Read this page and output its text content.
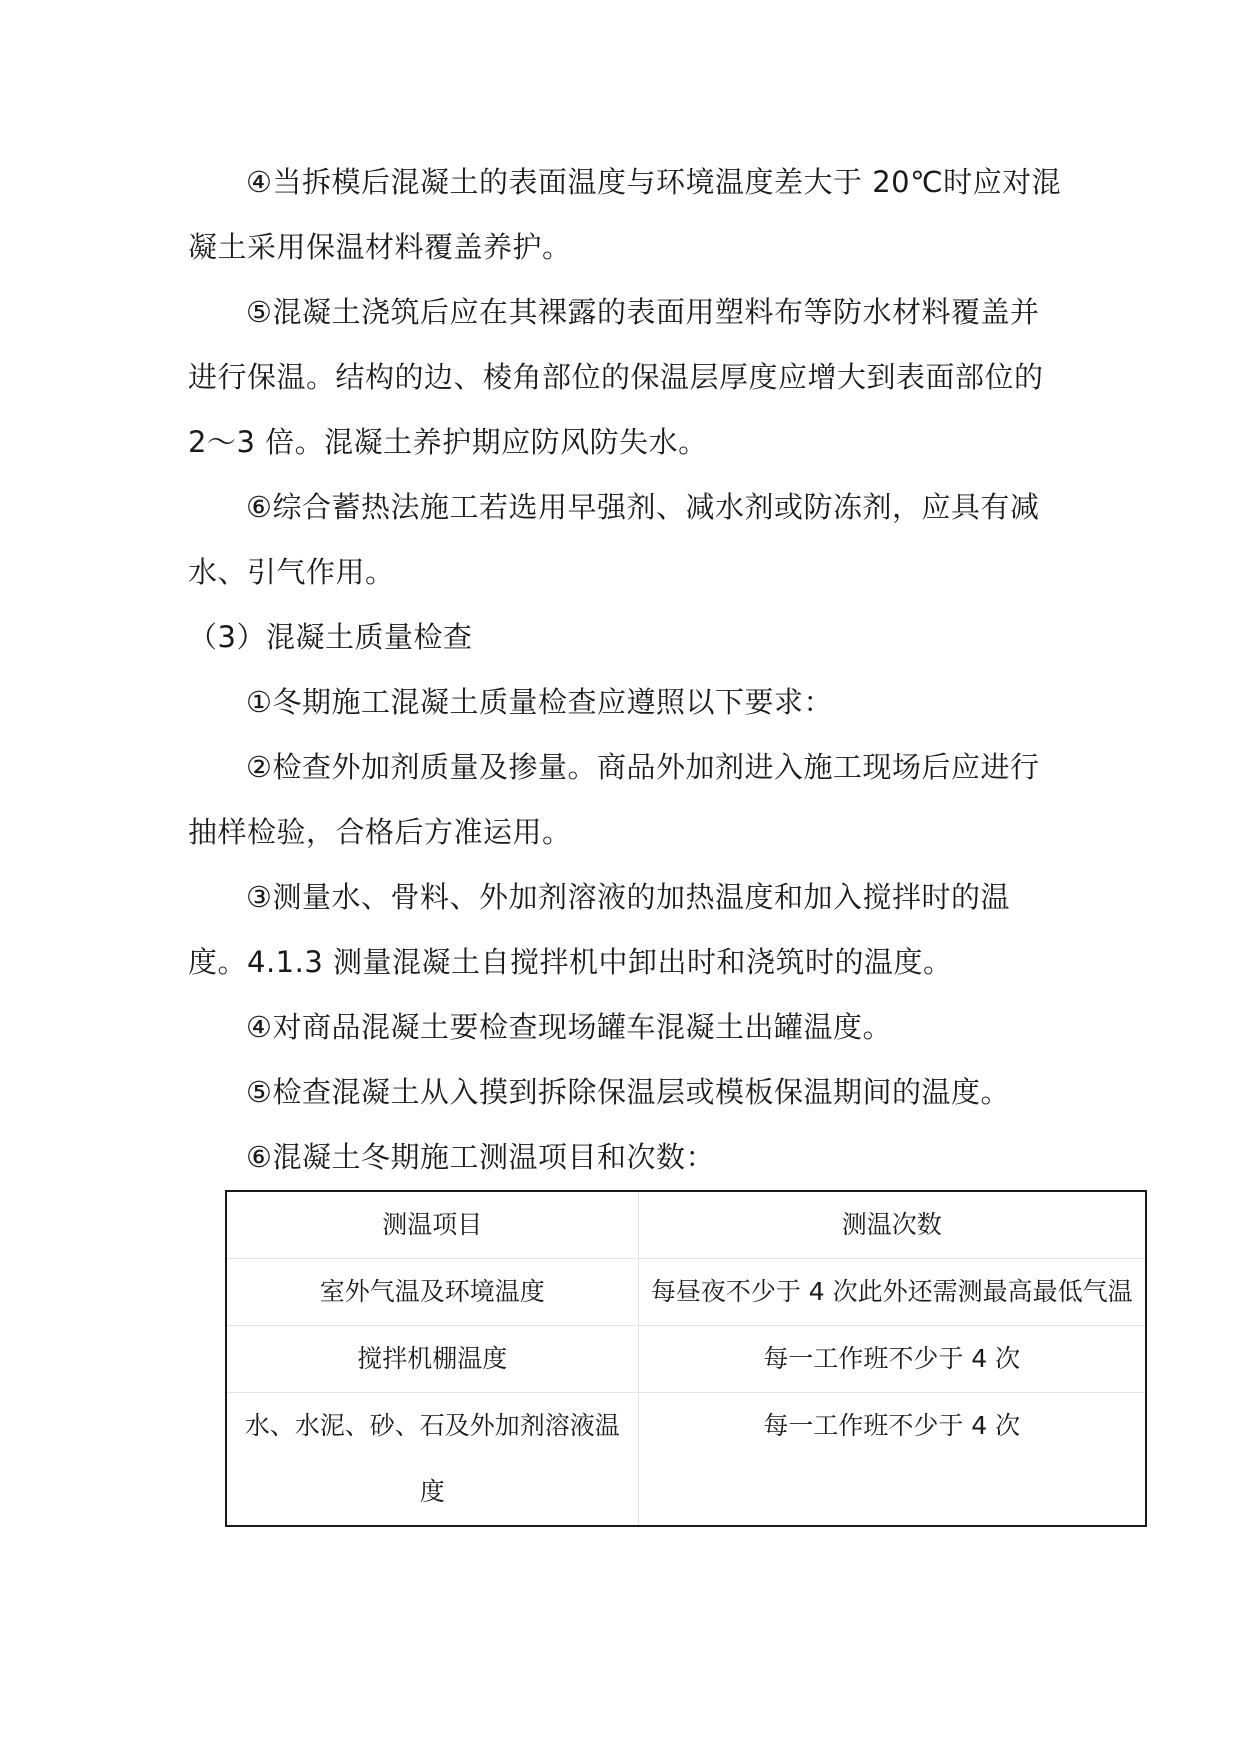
④当拆模后混凝土的表面温度与环境温度差大于 20℃时应对混凝土采用保温材料覆盖养护。

⑤混凝土浇筑后应在其裸露的表面用塑料布等防水材料覆盖并进行保温。结构的边、棱角部位的保温层厚度应增大到表面部位的 2～3 倍。混凝土养护期应防风防失水。

⑥综合蓄热法施工若选用早强剂、减水剂或防冻剂，应具有减水、引气作用。

（3）混凝土质量检查

①冬期施工混凝土质量检查应遵照以下要求：

②检查外加剂质量及掺量。商品外加剂进入施工现场后应进行抽样检验，合格后方准运用。

③测量水、骨料、外加剂溶液的加热温度和加入搅拌时的温度。4.1.3 测量混凝土自搅拌机中卸出时和浇筑时的温度。

④对商品混凝土要检查现场罐车混凝土出罐温度。

⑤检查混凝土从入摸到拆除保温层或模板保温期间的温度。

⑥混凝土冬期施工测温项目和次数：

测温项目	测温次数
室外气温及环境温度	每昼夜不少于 4 次此外还需测最高最低气温
搅拌机棚温度	每一工作班不少于 4 次
水、水泥、砂、石及外加剂溶液温度	每一工作班不少于 4 次
